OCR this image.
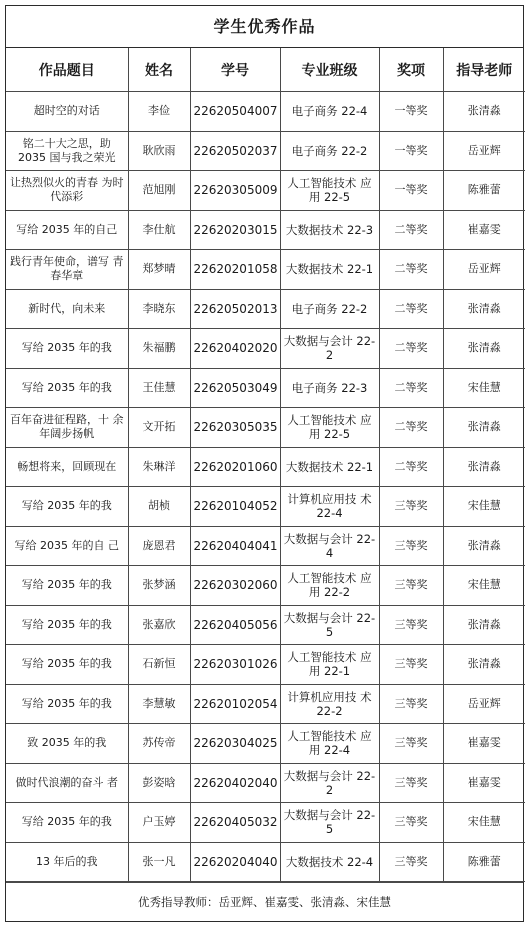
学生优秀作品
作品题目	姓名	学号	专业班级	奖项	指导老师
超时空的对话	李俭	22620504007	电子商务 22-4	一等奖	张清淼
铭二十大之思，助 2035 国与我之荣光	耿欣雨	22620502037	电子商务 22-2	一等奖	岳亚辉
让热烈似火的青春 为时代添彩	范旭刚	22620305009	人工智能技术 应用 22-5	一等奖	陈雅蕾
写给 2035 年的自己	李仕航	22620203015	大数据技术 22-3	二等奖	崔嘉雯
践行青年使命，谱写 青春华章	郑梦晴	22620201058	大数据技术 22-1	二等奖	岳亚辉
新时代，向未来	李晓东	22620502013	电子商务 22-2	二等奖	张清淼
写给 2035 年的我	朱福鹏	22620402020	大数据与会计 22-2	二等奖	张清淼
写给 2035 年的我	王佳慧	22620503049	电子商务 22-3	二等奖	宋佳慧
百年奋进征程路，十 余年阔步扬帆	文开拓	22620305035	人工智能技术 应用 22-5	二等奖	张清淼
畅想将来，回顾现在	朱琳洋	22620201060	大数据技术 22-1	二等奖	张清淼
写给 2035 年的我	胡桢	22620104052	计算机应用技 术 22-4	三等奖	宋佳慧
写给 2035 年的自 己	庞恩君	22620404041	大数据与会计 22-4	三等奖	张清淼
写给 2035 年的我	张梦涵	22620302060	人工智能技术 应用 22-2	三等奖	宋佳慧
写给 2035 年的我	张嘉欣	22620405056	大数据与会计 22-5	三等奖	张清淼
写给 2035 年的我	石新恒	22620301026	人工智能技术 应用 22-1	三等奖	张清淼
写给 2035 年的我	李慧敏	22620102054	计算机应用技 术 22-2	三等奖	岳亚辉
致 2035 年的我	苏传帝	22620304025	人工智能技术 应用 22-4	三等奖	崔嘉雯
做时代浪潮的奋斗 者	彭姿晗	22620402040	大数据与会计 22-2	三等奖	崔嘉雯
写给 2035 年的我	户玉婷	22620405032	大数据与会计 22-5	三等奖	宋佳慧
13 年后的我	张一凡	22620204040	大数据技术 22-4	三等奖	陈雅蕾
优秀指导教师：岳亚辉、崔嘉雯、张清淼、宋佳慧
